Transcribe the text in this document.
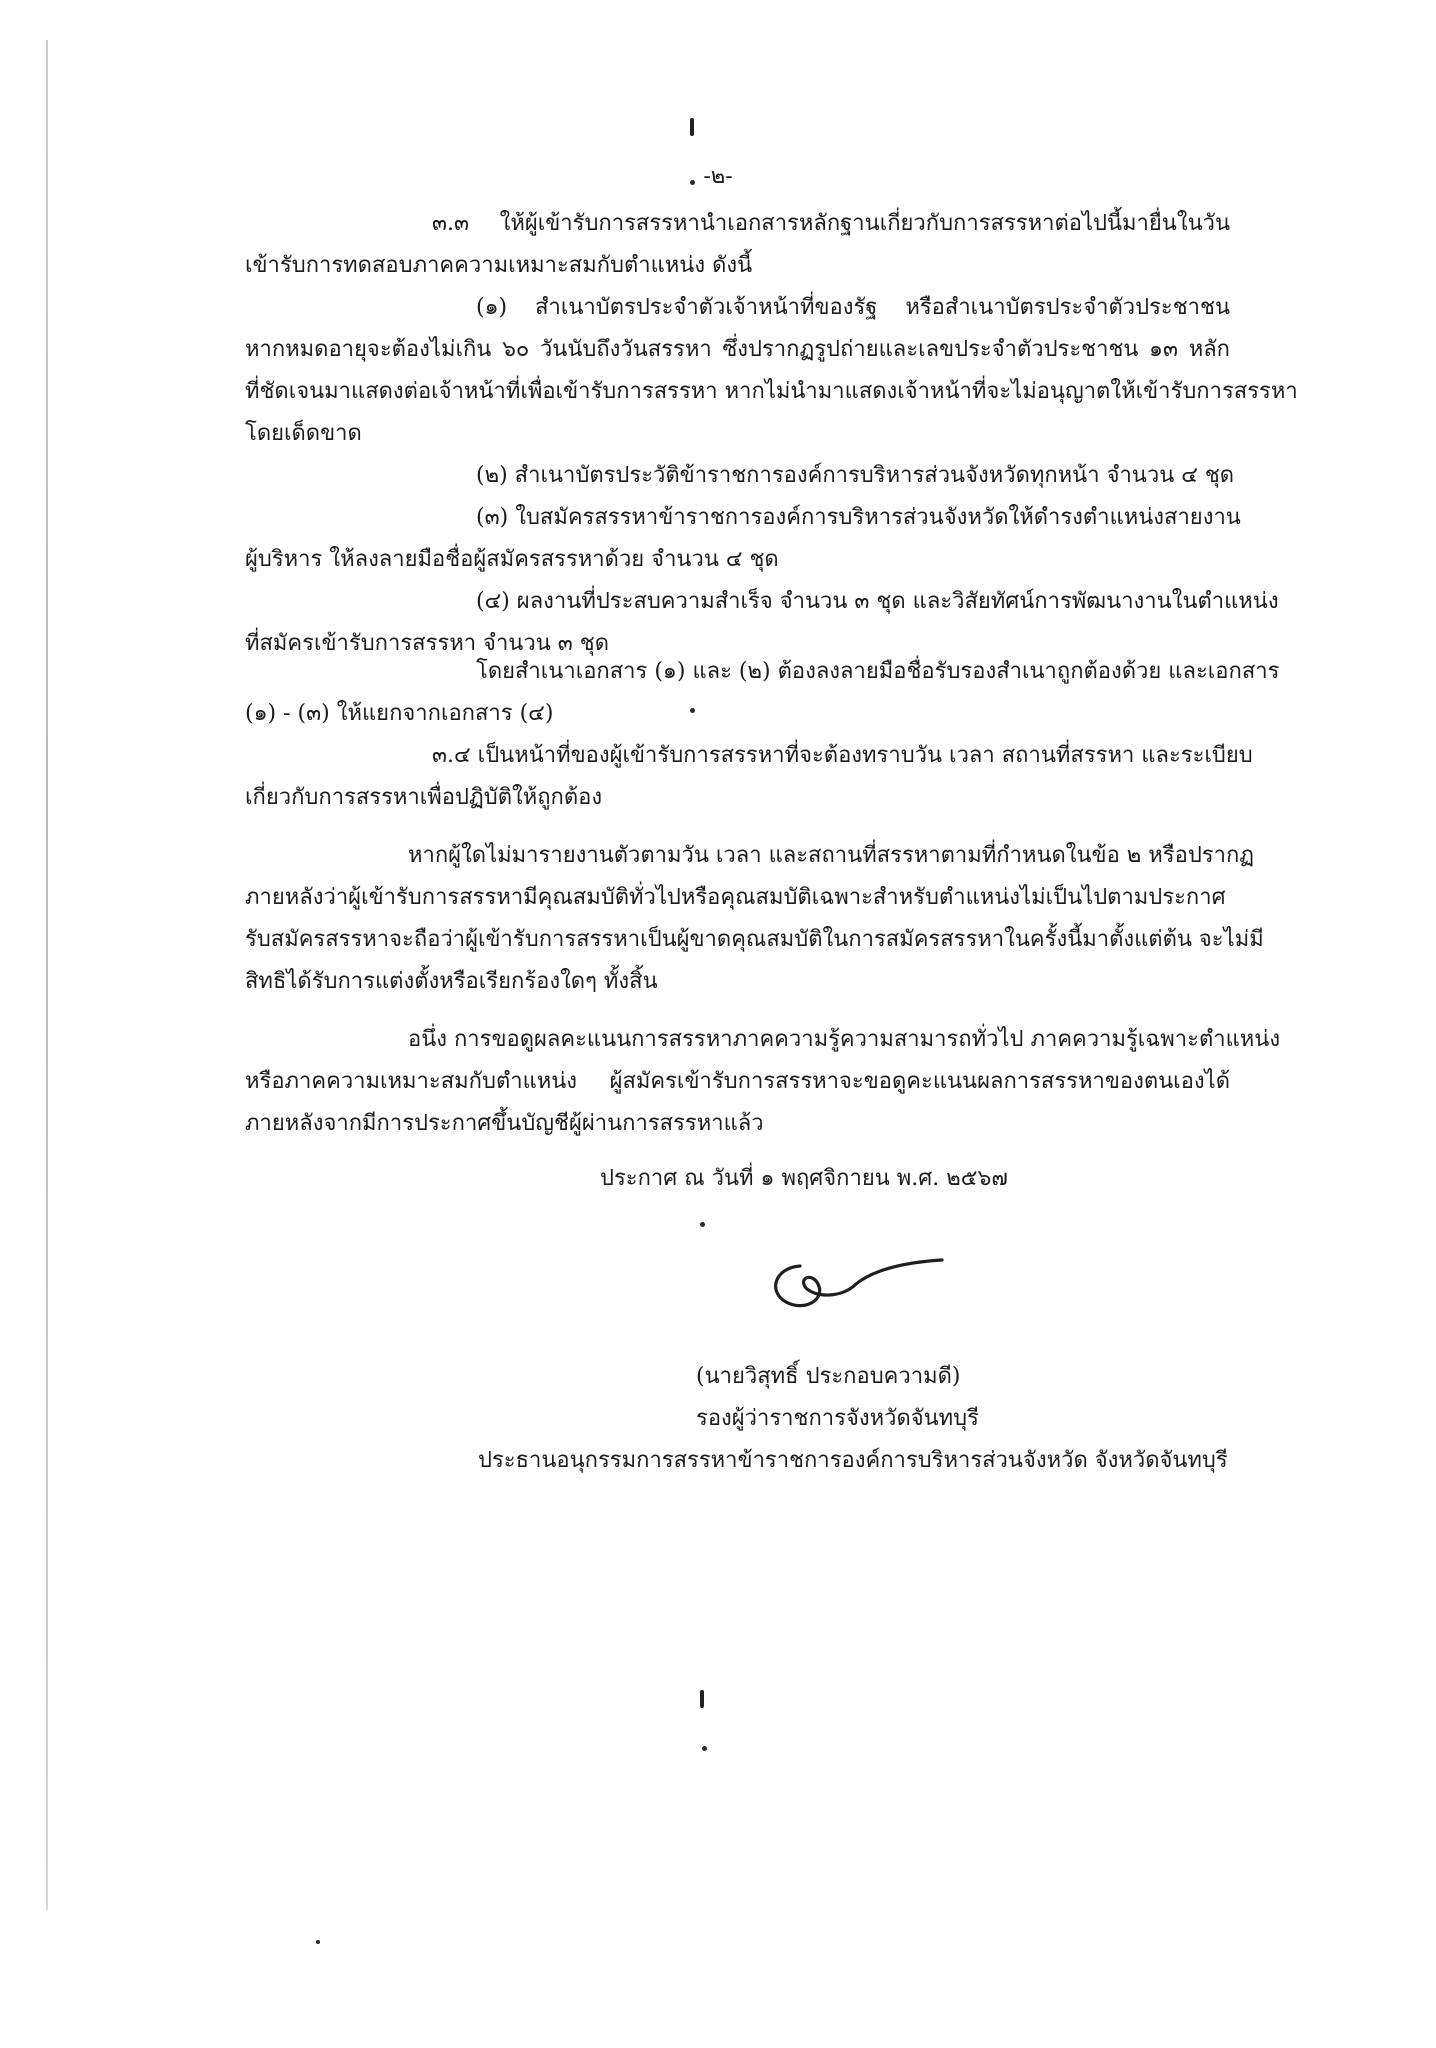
-๒-
๓.๓ ให้ผู้เข้ารับการสรรหานำเอกสารหลักฐานเกี่ยวกับการสรรหาต่อไปนี้มายื่นในวัน
เข้ารับการทดสอบภาคความเหมาะสมกับตำแหน่ง ดังนี้
(๑) สำเนาบัตรประจำตัวเจ้าหน้าที่ของรัฐ หรือสำเนาบัตรประจำตัวประชาชน
หากหมดอายุจะต้องไม่เกิน ๖๐ วันนับถึงวันสรรหา ซึ่งปรากฏรูปถ่ายและเลขประจำตัวประชาชน ๑๓ หลัก
ที่ชัดเจนมาแสดงต่อเจ้าหน้าที่เพื่อเข้ารับการสรรหา หากไม่นำมาแสดงเจ้าหน้าที่จะไม่อนุญาตให้เข้ารับการสรรหา
โดยเด็ดขาด
(๒) สำเนาบัตรประวัติข้าราชการองค์การบริหารส่วนจังหวัดทุกหน้า จำนวน ๔ ชุด
(๓) ใบสมัครสรรหาข้าราชการองค์การบริหารส่วนจังหวัดให้ดำรงตำแหน่งสายงาน
ผู้บริหาร ให้ลงลายมือชื่อผู้สมัครสรรหาด้วย จำนวน ๔ ชุด
(๔) ผลงานที่ประสบความสำเร็จ จำนวน ๓ ชุด และวิสัยทัศน์การพัฒนางานในตำแหน่ง
ที่สมัครเข้ารับการสรรหา จำนวน ๓ ชุด
โดยสำเนาเอกสาร (๑) และ (๒) ต้องลงลายมือชื่อรับรองสำเนาถูกต้องด้วย และเอกสาร
(๑) - (๓) ให้แยกจากเอกสาร (๔)
๓.๔ เป็นหน้าที่ของผู้เข้ารับการสรรหาที่จะต้องทราบวัน เวลา สถานที่สรรหา และระเบียบ
เกี่ยวกับการสรรหาเพื่อปฏิบัติให้ถูกต้อง
หากผู้ใดไม่มารายงานตัวตามวัน เวลา และสถานที่สรรหาตามที่กำหนดในข้อ ๒ หรือปรากฏ
ภายหลังว่าผู้เข้ารับการสรรหามีคุณสมบัติทั่วไปหรือคุณสมบัติเฉพาะสำหรับตำแหน่งไม่เป็นไปตามประกาศ
รับสมัครสรรหาจะถือว่าผู้เข้ารับการสรรหาเป็นผู้ขาดคุณสมบัติในการสมัครสรรหาในครั้งนี้มาตั้งแต่ต้น จะไม่มี
สิทธิได้รับการแต่งตั้งหรือเรียกร้องใดๆ ทั้งสิ้น
อนึ่ง การขอดูผลคะแนนการสรรหาภาคความรู้ความสามารถทั่วไป ภาคความรู้เฉพาะตำแหน่ง
หรือภาคความเหมาะสมกับตำแหน่ง ผู้สมัครเข้ารับการสรรหาจะขอดูคะแนนผลการสรรหาของตนเองได้
ภายหลังจากมีการประกาศขึ้นบัญชีผู้ผ่านการสรรหาแล้ว
ประกาศ ณ วันที่ ๑ พฤศจิกายน พ.ศ. ๒๕๖๗
(นายวิสุทธิ์ ประกอบความดี)
รองผู้ว่าราชการจังหวัดจันทบุรี
ประธานอนุกรรมการสรรหาข้าราชการองค์การบริหารส่วนจังหวัด จังหวัดจันทบุรี
